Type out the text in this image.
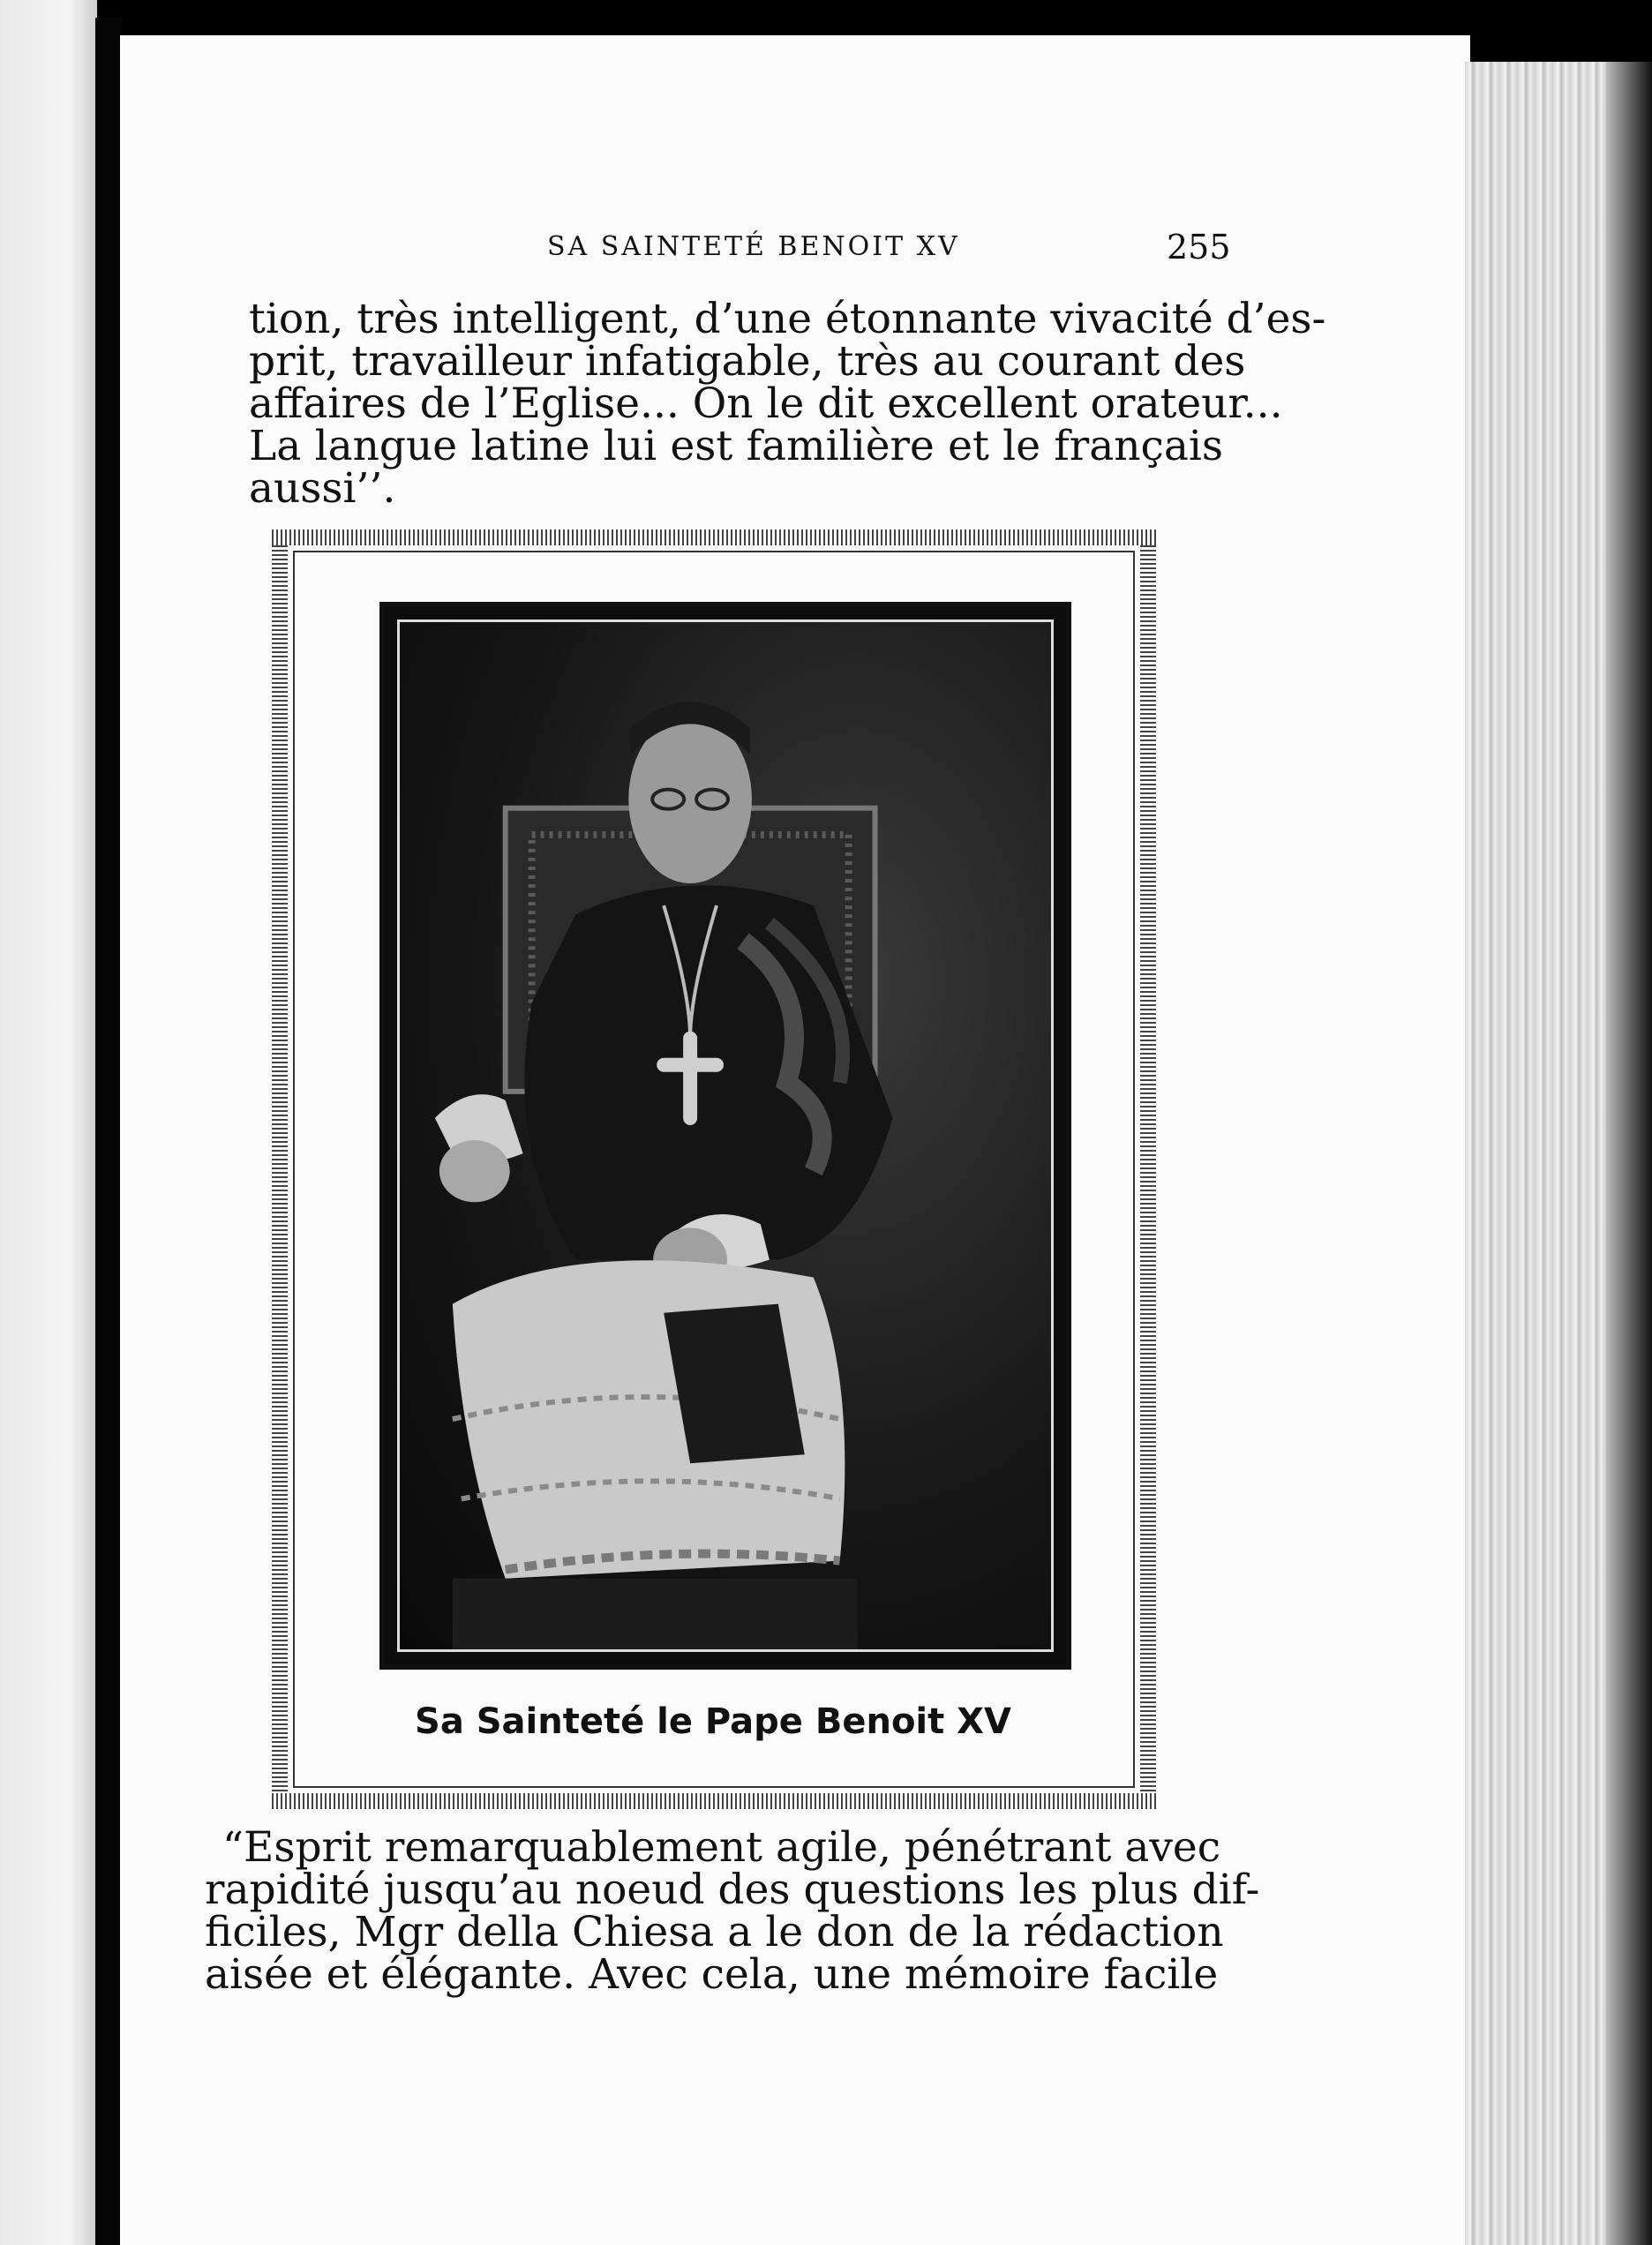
SA SAINTETÉ BENOIT XV	255
tion, très intelligent, d’une étonnante vivacité d’es-
prit, travailleur infatigable, très au courant des
affaires de l’Eglise... On le dit excellent orateur...
La langue latine lui est familière et le français
aussi’’.
Sa Sainteté le Pape Benoit XV
“Esprit remarquablement agile, pénétrant avec
rapidité jusqu’au noeud des questions les plus dif-
ficiles, Mgr della Chiesa a le don de la rédaction
aisée et élégante. Avec cela, une mémoire facile
